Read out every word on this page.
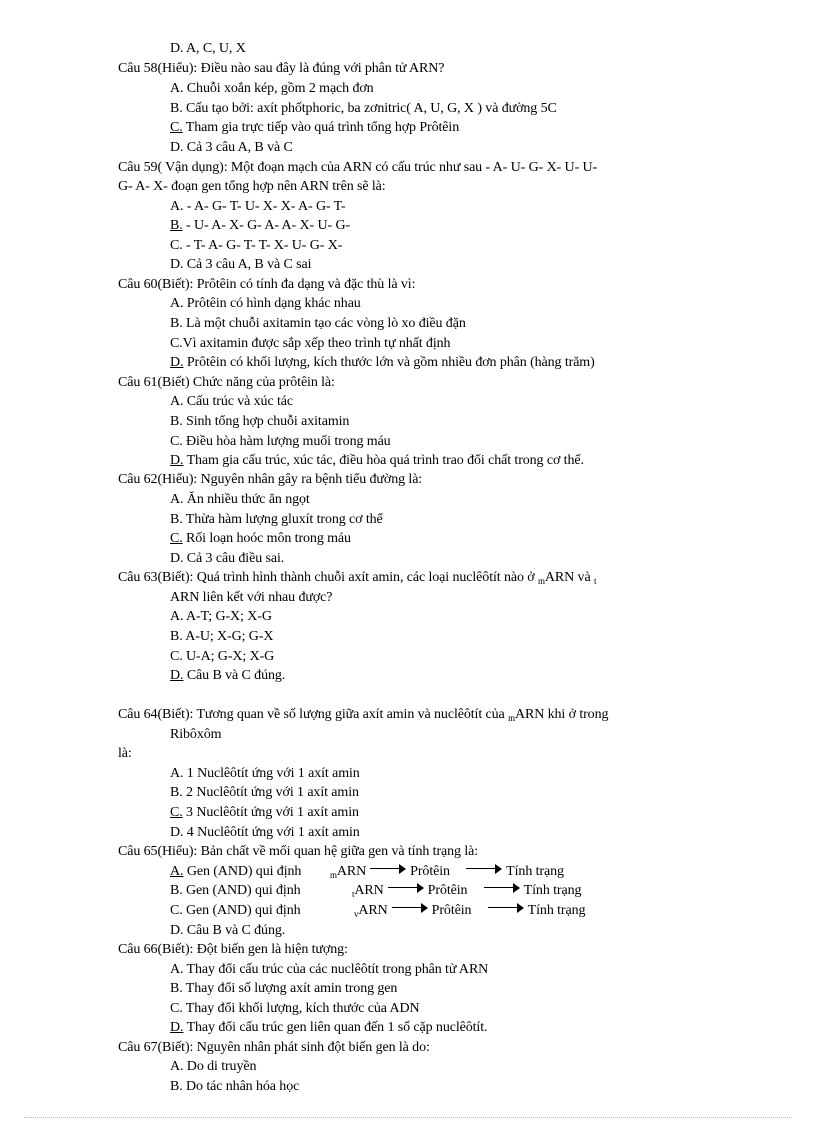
D. A, C, U, X
Câu 58(Hiểu): Điều nào sau đây là đúng với phân tử ARN?
A. Chuỗi xoắn kép, gồm 2 mạch đơn
B. Cấu tạo bởi: axít phốtphoric, ba zơnitric( A, U, G, X ) và đường 5C
C. Tham gia trực tiếp vào quá trình tổng hợp Prôtêin
D. Cả 3 câu A, B và C
Câu 59( Vận dụng): Một đoạn mạch của ARN có cấu trúc như sau - A- U- G- X- U- U-
G- A- X- đoạn gen tổng hợp nên ARN trên sẽ là:
A. - A- G- T- U- X- X- A- G- T-
B. - U- A- X- G- A- A- X- U- G-
C. - T- A- G- T- T- X- U- G- X-
D. Cả 3 câu A, B và C sai
Câu 60(Biết): Prôtêin có tính đa dạng và đặc thù là vì:
A. Prôtêin có hình dạng khác nhau
B. Là một chuỗi axitamin tạo các vòng lò xo điều đặn
C.Vì axitamin được sắp xếp theo trình tự nhất định
D. Prôtêin có khối lượng, kích thước lớn và gồm nhiều đơn phân (hàng trăm)
Câu 61(Biết) Chức năng của prôtêin là:
A. Cấu trúc và xúc tác
B. Sinh tổng hợp chuỗi axitamin
C. Điều hòa hàm lượng muối trong máu
D. Tham gia cấu trúc, xúc tác, điều hòa quá trình trao đổi chất trong cơ thể.
Câu 62(Hiểu): Nguyên nhân gây ra bệnh tiểu đường là:
A. Ăn nhiều thức ăn ngọt
B. Thừa hàm lượng gluxít trong cơ thể
C. Rối loạn hoóc môn trong máu
D. Cả 3 câu điều sai.
Câu 63(Biết): Quá trình hình thành chuỗi axít amin, các loại nuclêôtít nào ở $_m$ARN và $_t$
ARN liên kết với nhau được?
A. A-T; G-X; X-G
B. A-U; X-G; G-X
C. U-A; G-X; X-G
D. Câu B và C đúng.
Câu 64(Biết): Tương quan về số lượng giữa axít amin và nuclêôtít của $_m$ARN khi ở trong
Ribôxôm
là:
A. 1 Nuclêôtít ứng với 1 axít amin
B. 2 Nuclêôtít ứng với 1 axít amin
C. 3 Nuclêôtít ứng với 1 axít amin
D. 4 Nuclêôtít ứng với 1 axít amin
Câu 65(Hiểu): Bản chất về mối quan hệ giữa gen và tính trạng là:
A. Gen (AND) qui định	$_m$ARN	Prôtêin	Tính trạng
B. Gen (AND) qui định	$_t$ARN	Prôtêin	Tính trạng
C. Gen (AND) qui định	$_v$ARN	Prôtêin	Tính trạng
D. Câu B và C đúng.
Câu 66(Biết): Đột biến gen là hiện tượng:
A. Thay đổi cấu trúc của các nuclêôtít trong phân tử ARN
B. Thay đổi số lượng axít amin trong gen
C. Thay đổi khối lượng, kích thước của ADN
D. Thay đổi cấu trúc gen liên quan đến 1 số cặp nuclêôtít.
Câu 67(Biết): Nguyên nhân phát sinh đột biến gen là do:
A. Do di truyền
B. Do tác nhân hóa học
